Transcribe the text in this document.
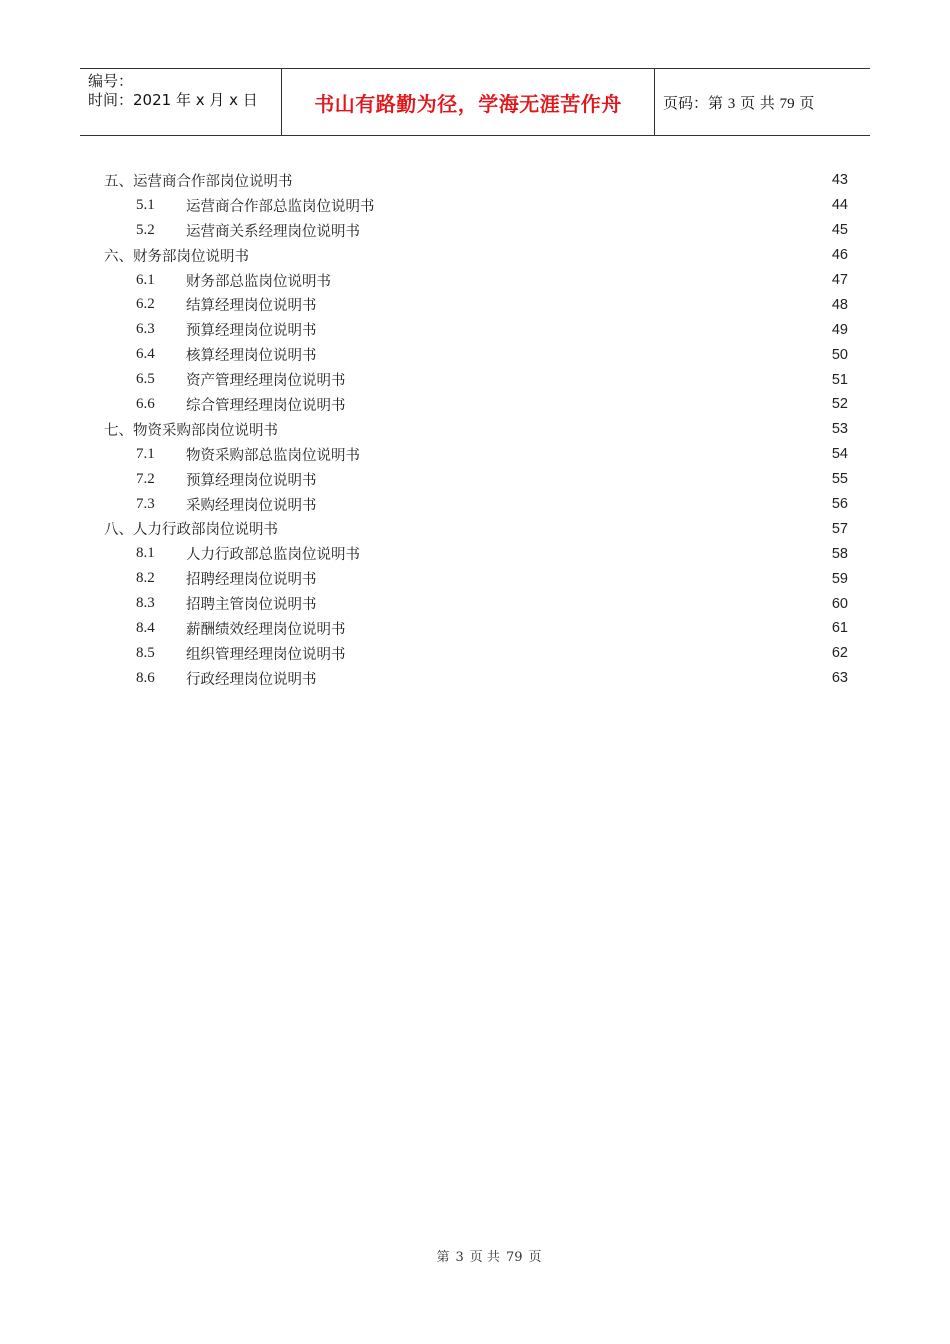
编号：
时间：2021 年 x 月 x 日	书山有路勤为径，学海无涯苦作舟	页码：第 3 页 共 79 页
五、运营商合作部岗位说明书	43
5.1	运营商合作部总监岗位说明书	44
5.2	运营商关系经理岗位说明书	45
六、财务部岗位说明书	46
6.1	财务部总监岗位说明书	47
6.2	结算经理岗位说明书	48
6.3	预算经理岗位说明书	49
6.4	核算经理岗位说明书	50
6.5	资产管理经理岗位说明书	51
6.6	综合管理经理岗位说明书	52
七、物资采购部岗位说明书	53
7.1	物资采购部总监岗位说明书	54
7.2	预算经理岗位说明书	55
7.3	采购经理岗位说明书	56
八、人力行政部岗位说明书	57
8.1	人力行政部总监岗位说明书	58
8.2	招聘经理岗位说明书	59
8.3	招聘主管岗位说明书	60
8.4	薪酬绩效经理岗位说明书	61
8.5	组织管理经理岗位说明书	62
8.6	行政经理岗位说明书	63
第 3 页 共 79 页
